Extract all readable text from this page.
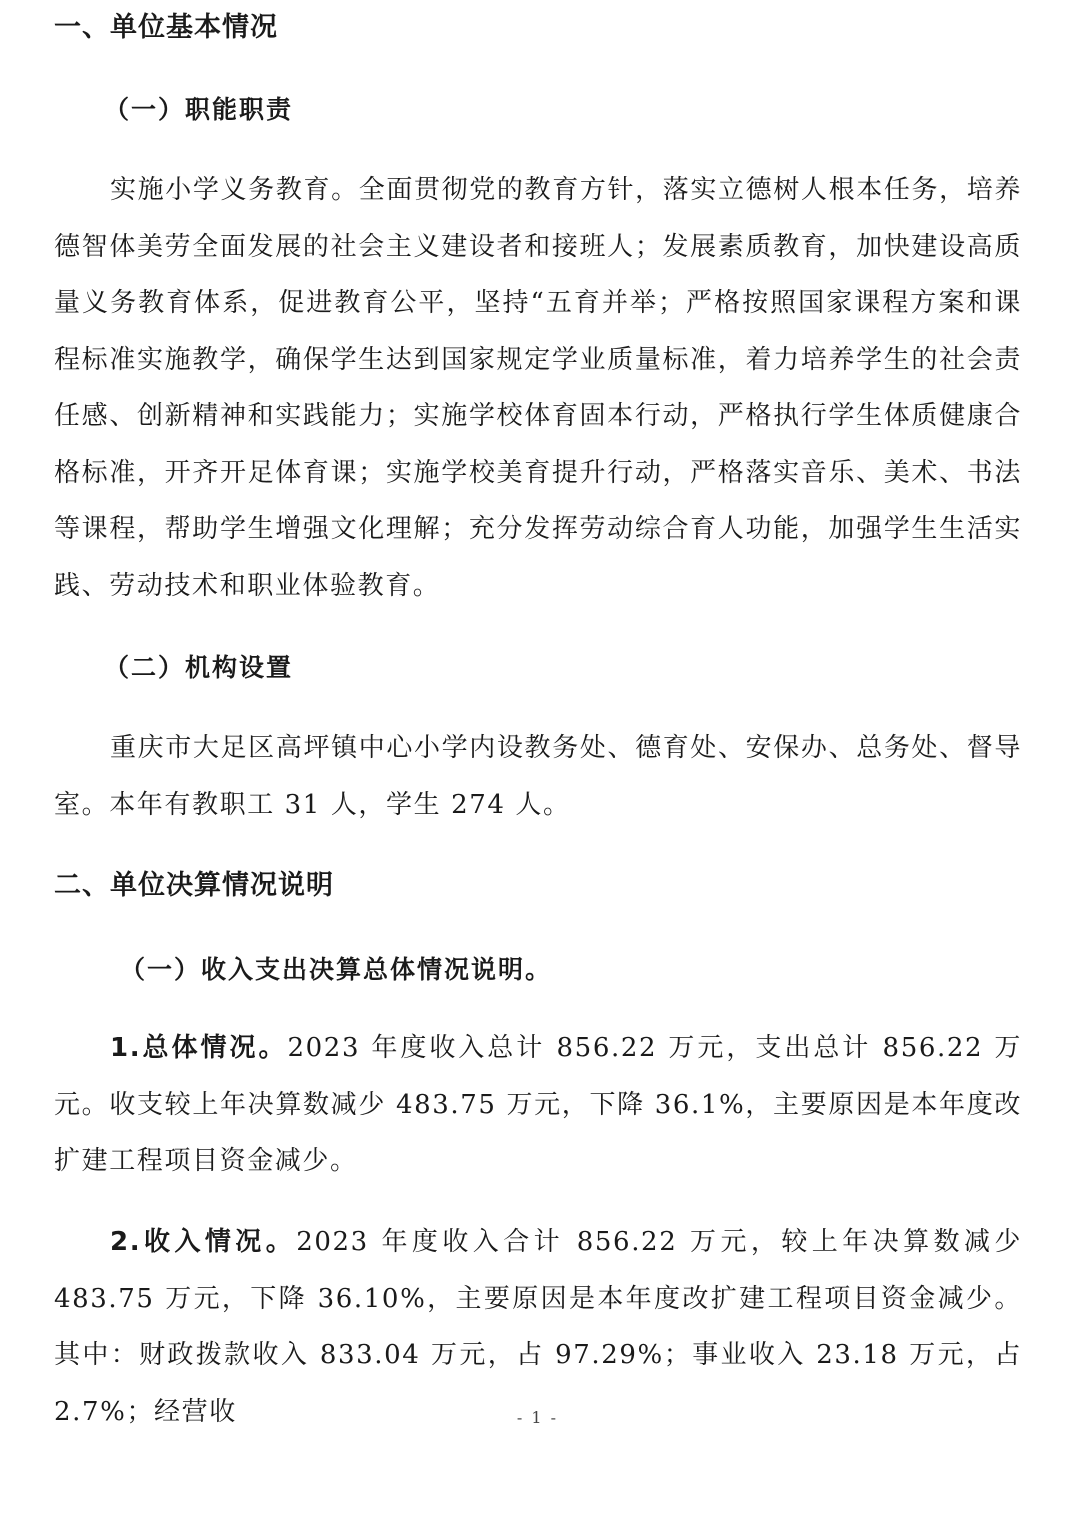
一、单位基本情况
（一）职能职责

实施小学义务教育。全面贯彻党的教育方针，落实立德树人根本任务，培养德智体美劳全面发展的社会主义建设者和接班人；发展素质教育，加快建设高质量义务教育体系，促进教育公平，坚持“五育并举；严格按照国家课程方案和课程标准实施教学，确保学生达到国家规定学业质量标准，着力培养学生的社会责任感、创新精神和实践能力；实施学校体育固本行动，严格执行学生体质健康合格标准，开齐开足体育课；实施学校美育提升行动，严格落实音乐、美术、书法等课程，帮助学生增强文化理解；充分发挥劳动综合育人功能，加强学生生活实践、劳动技术和职业体验教育。

（二）机构设置

重庆市大足区高坪镇中心小学内设教务处、德育处、安保办、总务处、督导室。本年有教职工 31 人，学生 274 人。

二、单位决算情况说明
（一）收入支出决算总体情况说明。

1.总体情况。2023 年度收入总计 856.22 万元，支出总计 856.22 万元。收支较上年决算数减少 483.75 万元，下降 36.1%，主要原因是本年度改扩建工程项目资金减少。

2.收入情况。2023 年度收入合计 856.22 万元，较上年决算数减少 483.75 万元，下降 36.10%，主要原因是本年度改扩建工程项目资金减少。其中：财政拨款收入 833.04 万元，占 97.29%；事业收入 23.18 万元，占 2.7%；经营收	- 1 -
